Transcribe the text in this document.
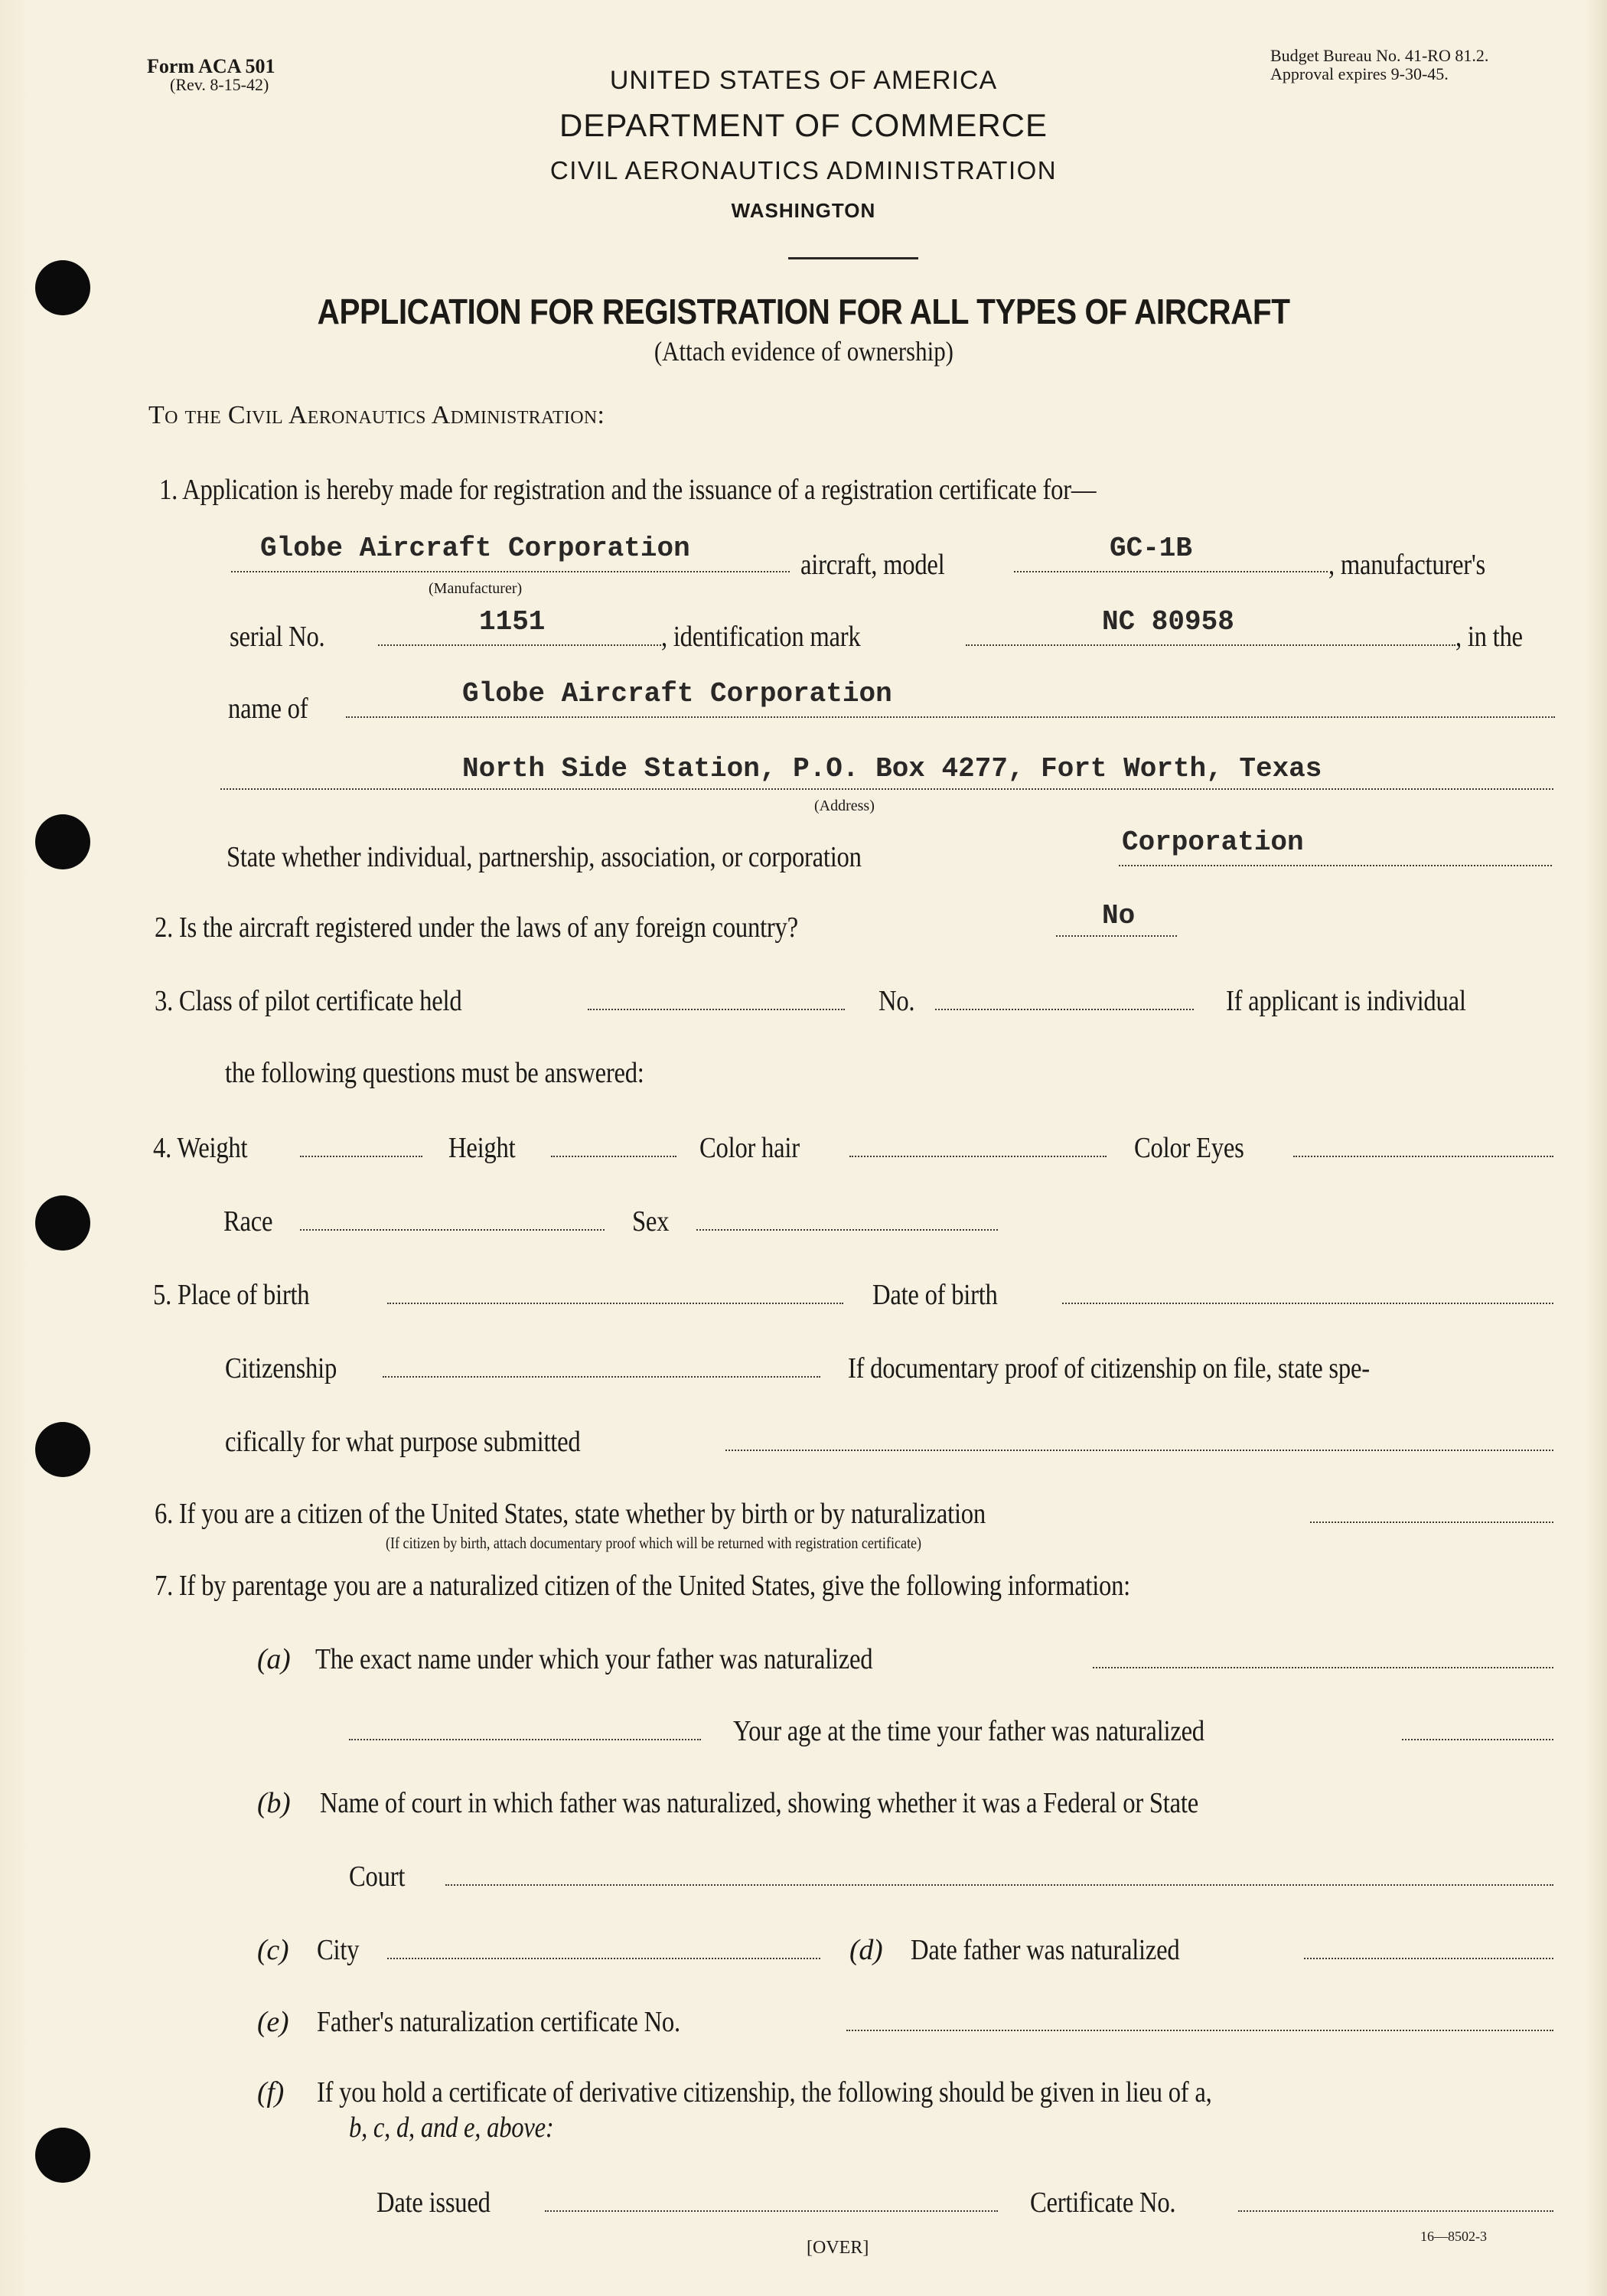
Form ACA 501
(Rev. 8-15-42)
Budget Bureau No. 41-RO 81.2.
Approval expires 9-30-45.
UNITED STATES OF AMERICA
DEPARTMENT OF COMMERCE
CIVIL AERONAUTICS ADMINISTRATION
WASHINGTON
APPLICATION FOR REGISTRATION FOR ALL TYPES OF AIRCRAFT
(Attach evidence of ownership)
To the Civil Aeronautics Administration:
1. Application is hereby made for registration and the issuance of a registration certificate for—
Globe Aircraft Corporation
(Manufacturer)
aircraft, model
GC-1B
, manufacturer's
serial No.	1151	, identification mark	NC 80958	, in the
name of	Globe Aircraft Corporation
North Side Station, P.O. Box 4277, Fort Worth, Texas
(Address)
State whether individual, partnership, association, or corporation	Corporation
2. Is the aircraft registered under the laws of any foreign country?	No
3. Class of pilot certificate held	No.	If applicant is individual
the following questions must be answered:
4. Weight	Height	Color hair	Color Eyes
Race	Sex
5. Place of birth	Date of birth
Citizenship	If documentary proof of citizenship on file, state spe-
cifically for what purpose submitted
6. If you are a citizen of the United States, state whether by birth or by naturalization
(If citizen by birth, attach documentary proof which will be returned with registration certificate)
7. If by parentage you are a naturalized citizen of the United States, give the following information:
(a) The exact name under which your father was naturalized
Your age at the time your father was naturalized
(b) Name of court in which father was naturalized, showing whether it was a Federal or State
Court
(c) City	(d) Date father was naturalized
(e) Father's naturalization certificate No.
(f) If you hold a certificate of derivative citizenship, the following should be given in lieu of a,
b, c, d, and e, above:
Date issued	Certificate No.
[OVER]
16—8502-3
